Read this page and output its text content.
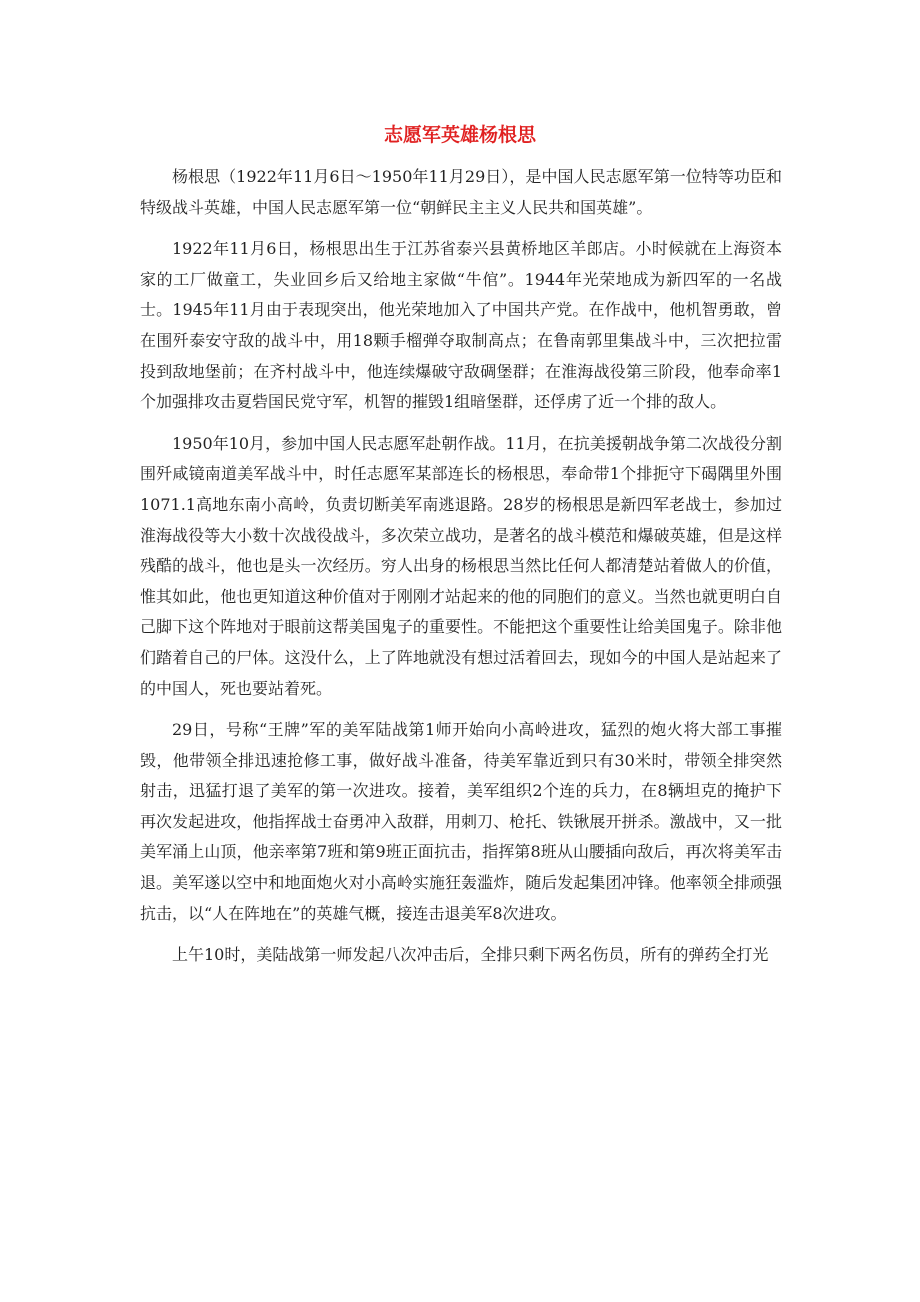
志愿军英雄杨根思

杨根思（1922年11月6日～1950年11月29日），是中国人民志愿军第一位特等功臣和特级战斗英雄，中国人民志愿军第一位“朝鲜民主主义人民共和国英雄”。

1922年11月6日，杨根思出生于江苏省泰兴县黄桥地区羊郎店。小时候就在上海资本家的工厂做童工，失业回乡后又给地主家做“牛倌”。1944年光荣地成为新四军的一名战士。1945年11月由于表现突出，他光荣地加入了中国共产党。在作战中，他机智勇敢，曾在围歼泰安守敌的战斗中，用18颗手榴弹夺取制高点；在鲁南郭里集战斗中，三次把拉雷投到敌地堡前；在齐村战斗中，他连续爆破守敌碉堡群；在淮海战役第三阶段，他奉命率1个加强排攻击夏砦国民党守军，机智的摧毁1组暗堡群，还俘虏了近一个排的敌人。

1950年10月，参加中国人民志愿军赴朝作战。11月，在抗美援朝战争第二次战役分割围歼咸镜南道美军战斗中，时任志愿军某部连长的杨根思，奉命带1个排扼守下碣隅里外围1071.1高地东南小高岭，负责切断美军南逃退路。28岁的杨根思是新四军老战士，参加过淮海战役等大小数十次战役战斗，多次荣立战功，是著名的战斗模范和爆破英雄，但是这样残酷的战斗，他也是头一次经历。穷人出身的杨根思当然比任何人都清楚站着做人的价值，惟其如此，他也更知道这种价值对于刚刚才站起来的他的同胞们的意义。当然也就更明白自己脚下这个阵地对于眼前这帮美国鬼子的重要性。不能把这个重要性让给美国鬼子。除非他们踏着自己的尸体。这没什么，上了阵地就没有想过活着回去，现如今的中国人是站起来了的中国人，死也要站着死。

29日，号称“王牌”军的美军陆战第1师开始向小高岭进攻，猛烈的炮火将大部工事摧毁，他带领全排迅速抢修工事，做好战斗准备，待美军靠近到只有30米时，带领全排突然射击，迅猛打退了美军的第一次进攻。接着，美军组织2个连的兵力，在8辆坦克的掩护下再次发起进攻，他指挥战士奋勇冲入敌群，用刺刀、枪托、铁锹展开拼杀。激战中，又一批美军涌上山顶，他亲率第7班和第9班正面抗击，指挥第8班从山腰插向敌后，再次将美军击退。美军遂以空中和地面炮火对小高岭实施狂轰滥炸，随后发起集团冲锋。他率领全排顽强抗击，以“人在阵地在”的英雄气概，接连击退美军8次进攻。

上午10时，美陆战第一师发起八次冲击后，全排只剩下两名伤员，所有的弹药全打光
